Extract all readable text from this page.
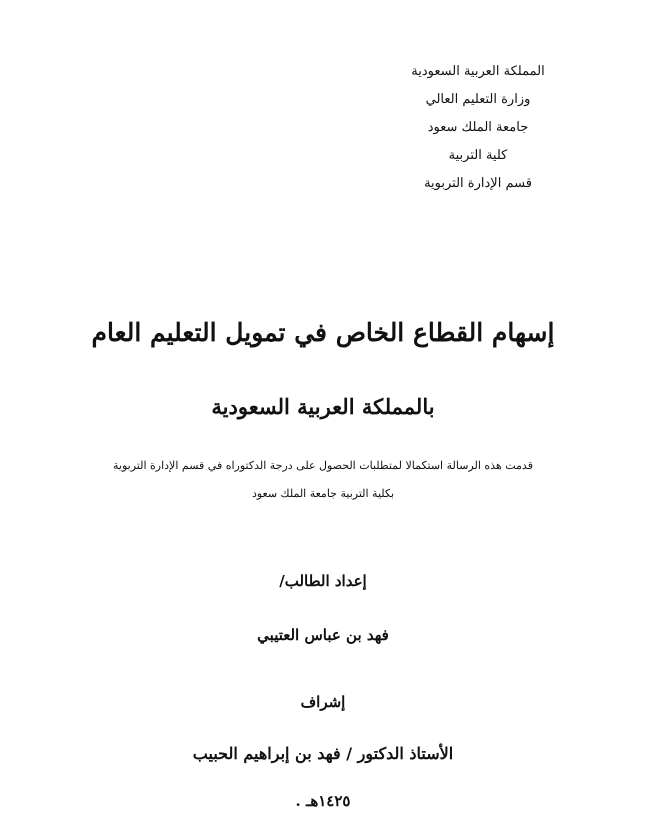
المملكة العربية السعودية
وزارة التعليم العالي
جامعة الملك سعود
كلية التربية
قسم الإدارة التربوية
إسهام القطاع الخاص في تمويل التعليم العام
بالمملكة العربية السعودية
قدمت هذه الرسالة استكمالا لمتطلبات الحصول على درجة الدكتوراه في قسم الإدارة التربوية
بكلية التربية جامعة الملك سعود
إعداد الطالب/
فهد بن عباس العتيبي
إشراف
الأستاذ الدكتور / فهد بن إبراهيم الحبيب
١٤٢٥هـ .
